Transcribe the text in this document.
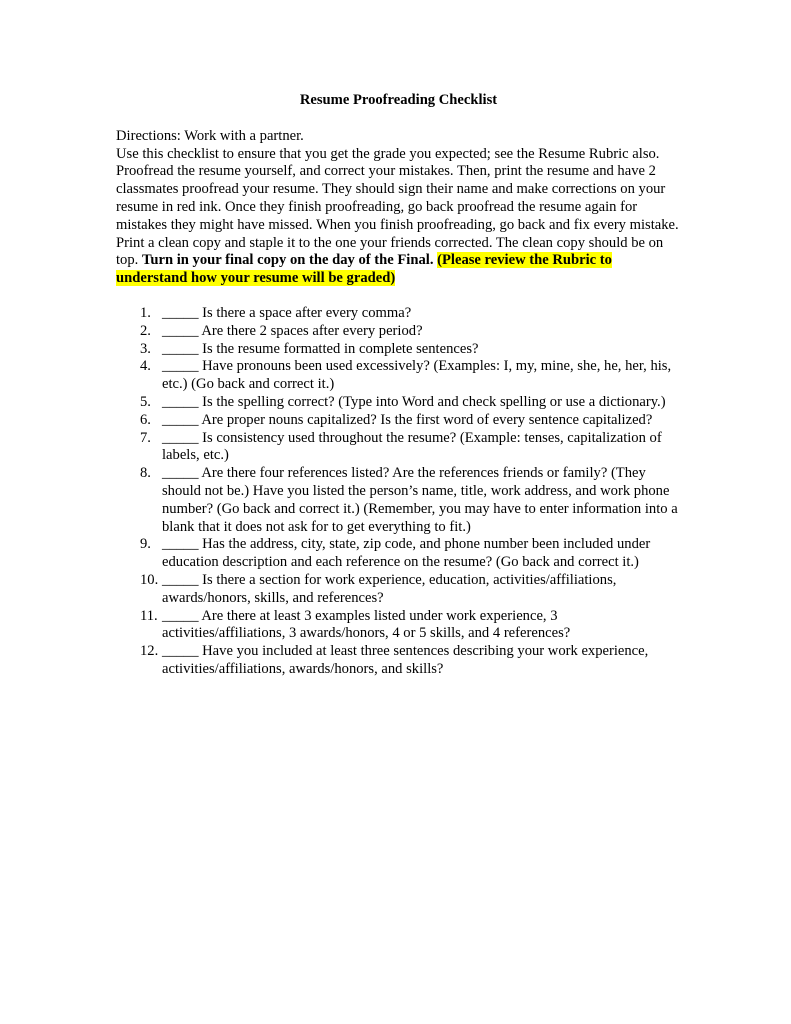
Resume Proofreading Checklist

Directions: Work with a partner.

Use this checklist to ensure that you get the grade you expected; see the Resume Rubric also. Proofread the resume yourself, and correct your mistakes. Then, print the resume and have 2 classmates proofread your resume. They should sign their name and make corrections on your resume in red ink. Once they finish proofreading, go back proofread the resume again for mistakes they might have missed. When you finish proofreading, go back and fix every mistake. Print a clean copy and staple it to the one your friends corrected. The clean copy should be on top. Turn in your final copy on the day of the Final. (Please review the Rubric to understand how your resume will be graded)

1. _____ Is there a space after every comma?
2. _____ Are there 2 spaces after every period?
3. _____ Is the resume formatted in complete sentences?
4. _____ Have pronouns been used excessively? (Examples: I, my, mine, she, he, her, his, etc.) (Go back and correct it.)
5. _____ Is the spelling correct? (Type into Word and check spelling or use a dictionary.)
6. _____ Are proper nouns capitalized? Is the first word of every sentence capitalized?
7. _____ Is consistency used throughout the resume? (Example: tenses, capitalization of labels, etc.)
8. _____ Are there four references listed? Are the references friends or family? (They should not be.) Have you listed the person’s name, title, work address, and work phone number? (Go back and correct it.) (Remember, you may have to enter information into a blank that it does not ask for to get everything to fit.)
9. _____ Has the address, city, state, zip code, and phone number been included under education description and each reference on the resume? (Go back and correct it.)
10. _____ Is there a section for work experience, education, activities/affiliations, awards/honors, skills, and references?
11. _____ Are there at least 3 examples listed under work experience, 3 activities/affiliations, 3 awards/honors, 4 or 5 skills, and 4 references?
12. _____ Have you included at least three sentences describing your work experience, activities/affiliations, awards/honors, and skills?
